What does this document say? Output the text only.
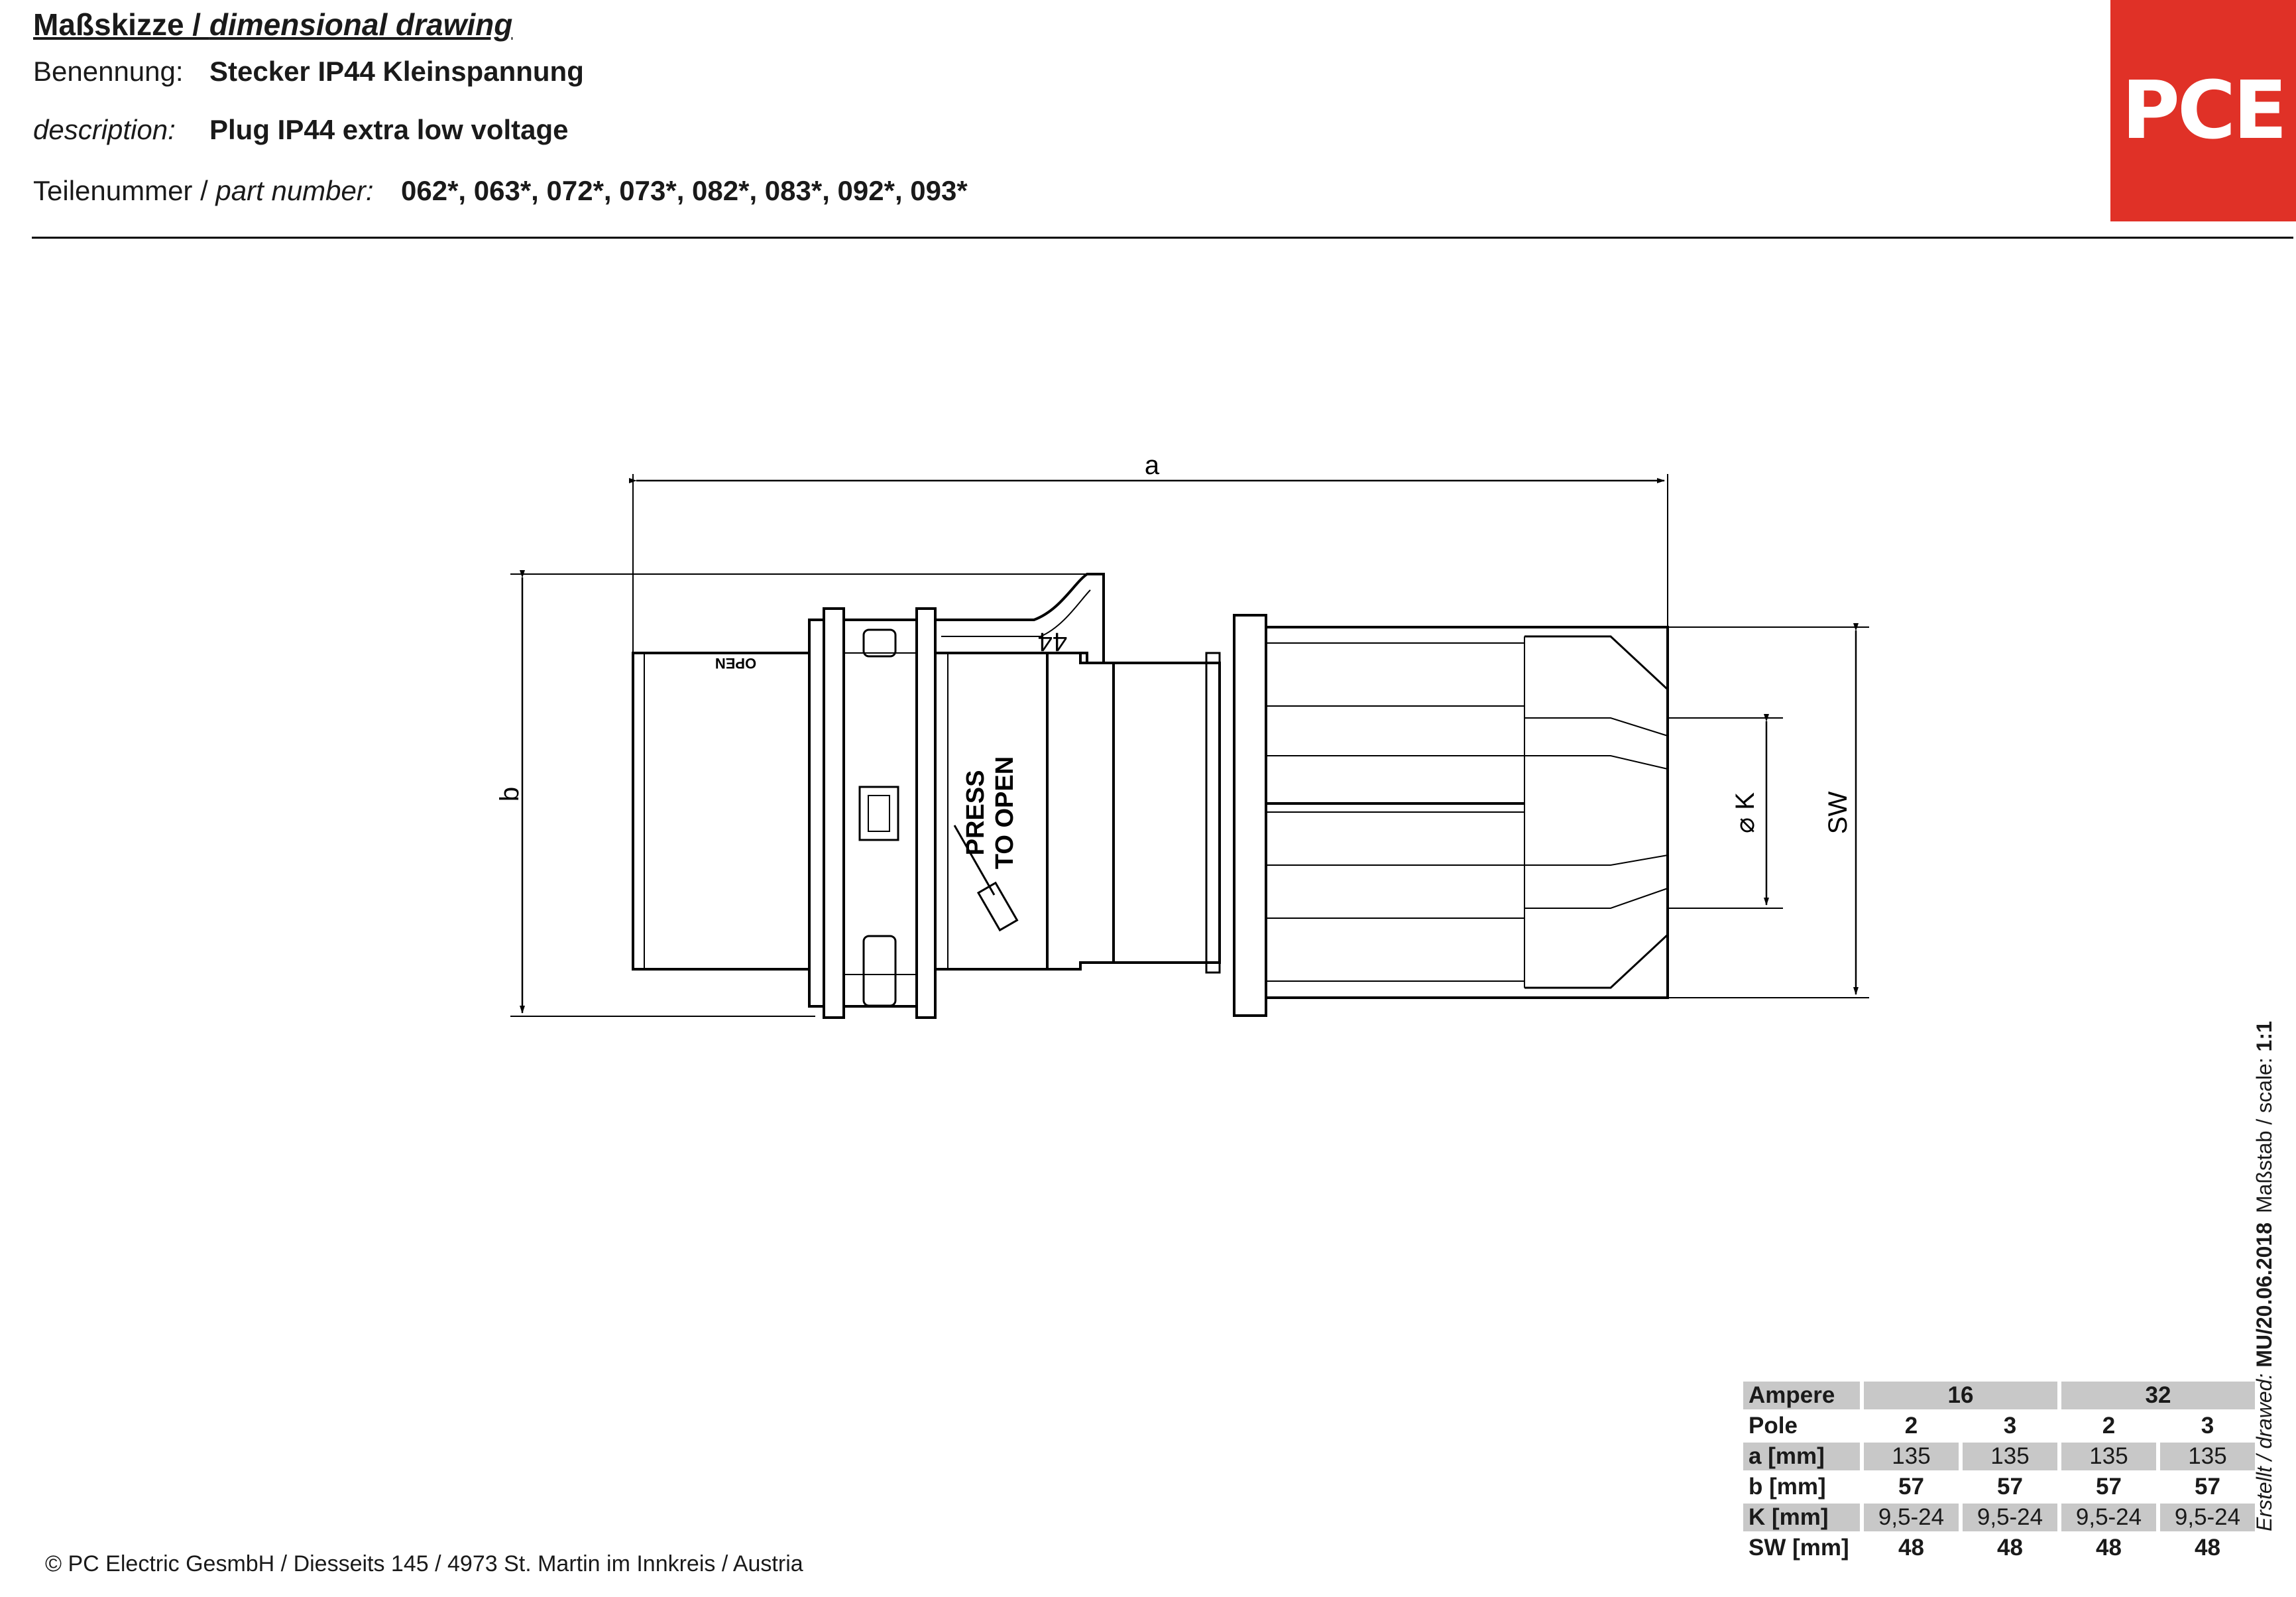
Maßskizze / dimensional drawing
Benennung: Stecker IP44 Kleinspannung
description: Plug IP44 extra low voltage
Teilenummer / part number: 062*, 063*, 072*, 073*, 082*, 083*, 092*, 093*
PCE
a
b	⌀ K SW
OPEN
44
PRESS TO OPEN
Ampere	16		32	
Pole	2	3	2	3
a [mm]	135	135	135	135
b [mm]	57	57	57	57
K [mm]	9,5-24	9,5-24	9,5-24	9,5-24
SW [mm]	48	48	48	48
Maßstab / scale: 1:1
Erstellt / drawed: MU/20.06.2018
© PC Electric GesmbH / Diesseits 145 / 4973 St. Martin im Innkreis / Austria
